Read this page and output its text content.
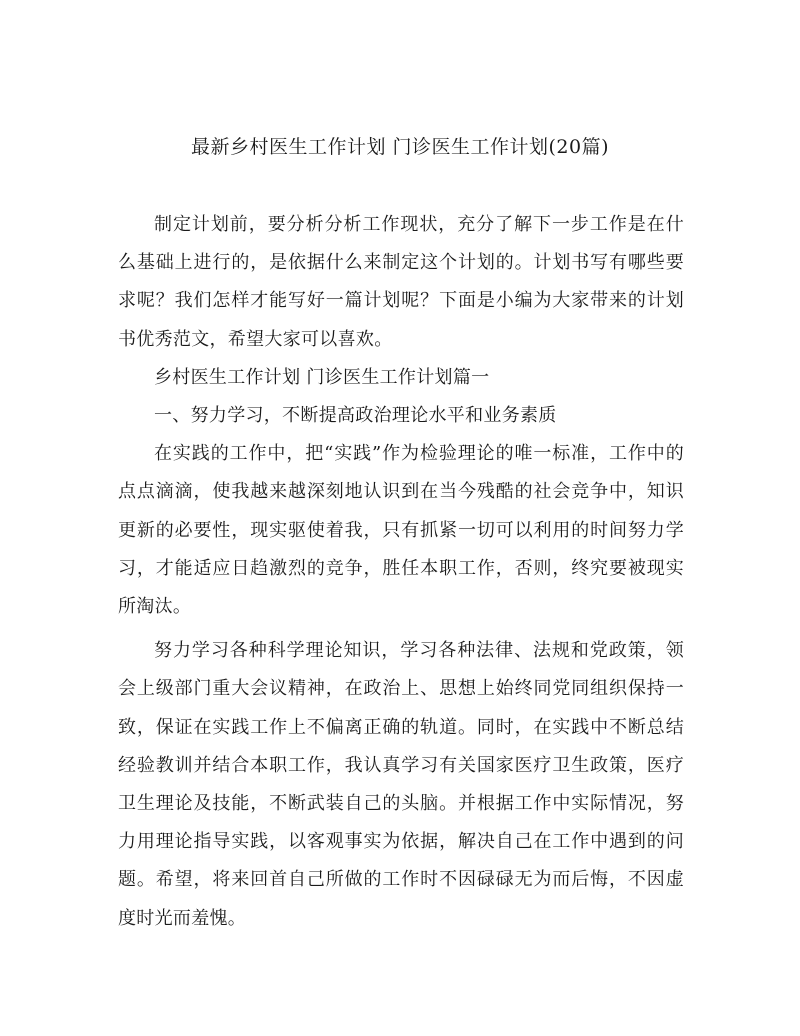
最新乡村医生工作计划 门诊医生工作计划(20篇)

制定计划前，要分析分析工作现状，充分了解下一步工作是在什么基础上进行的，是依据什么来制定这个计划的。计划书写有哪些要求呢？我们怎样才能写好一篇计划呢？下面是小编为大家带来的计划书优秀范文，希望大家可以喜欢。

乡村医生工作计划 门诊医生工作计划篇一

一、努力学习，不断提高政治理论水平和业务素质

在实践的工作中，把“实践”作为检验理论的唯一标准，工作中的点点滴滴，使我越来越深刻地认识到在当今残酷的社会竞争中，知识更新的必要性，现实驱使着我，只有抓紧一切可以利用的时间努力学习，才能适应日趋激烈的竞争，胜任本职工作，否则，终究要被现实所淘汰。

努力学习各种科学理论知识，学习各种法律、法规和党政策，领会上级部门重大会议精神，在政治上、思想上始终同党同组织保持一致，保证在实践工作上不偏离正确的轨道。同时，在实践中不断总结经验教训并结合本职工作，我认真学习有关国家医疗卫生政策，医疗卫生理论及技能，不断武装自己的头脑。并根据工作中实际情况，努力用理论指导实践，以客观事实为依据，解决自己在工作中遇到的问题。希望，将来回首自己所做的工作时不因碌碌无为而后悔，不因虚度时光而羞愧。
